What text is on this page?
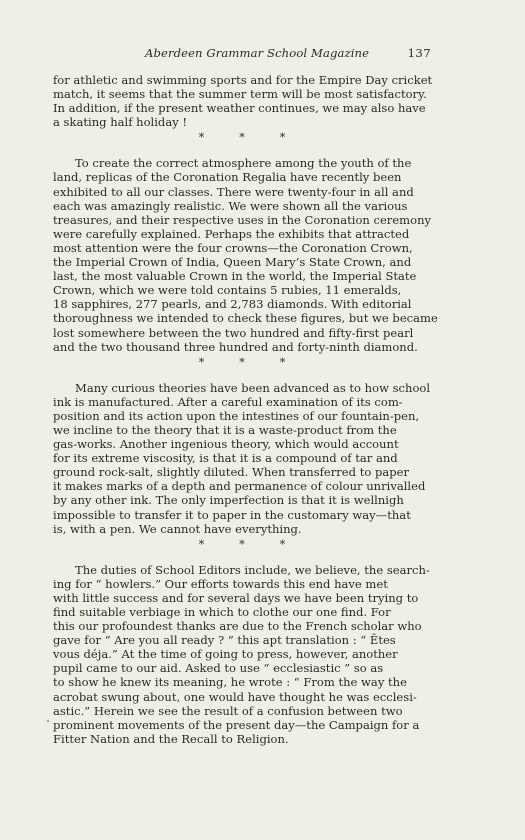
Aberdeen Grammar School Magazine	137

for athletic and swimming sports and for the Empire Day cricket
match, it seems that the summer term will be most satisfactory.
In addition, if the present weather continues, we may also have
a skating half holiday !

*          *          *

To create the correct atmosphere among the youth of the
land, replicas of the Coronation Regalia have recently been
exhibited to all our classes. There were twenty-four in all and
each was amazingly realistic. We were shown all the various
treasures, and their respective uses in the Coronation ceremony
were carefully explained. Perhaps the exhibits that attracted
most attention were the four crowns—the Coronation Crown,
the Imperial Crown of India, Queen Mary’s State Crown, and
last, the most valuable Crown in the world, the Imperial State
Crown, which we were told contains 5 rubies, 11 emeralds,
18 sapphires, 277 pearls, and 2,783 diamonds. With editorial
thoroughness we intended to check these figures, but we became
lost somewhere between the two hundred and fifty-first pearl
and the two thousand three hundred and forty-ninth diamond.

*          *          *

Many curious theories have been advanced as to how school
ink is manufactured. After a careful examination of its com-
position and its action upon the intestines of our fountain-pen,
we incline to the theory that it is a waste-product from the
gas-works. Another ingenious theory, which would account
for its extreme viscosity, is that it is a compound of tar and
ground rock-salt, slightly diluted. When transferred to paper
it makes marks of a depth and permanence of colour unrivalled
by any other ink. The only imperfection is that it is wellnigh
impossible to transfer it to paper in the customary way—that
is, with a pen. We cannot have everything.

*          *          *

The duties of School Editors include, we believe, the search-
ing for “ howlers.” Our efforts towards this end have met
with little success and for several days we have been trying to
find suitable verbiage in which to clothe our one find. For
this our profoundest thanks are due to the French scholar who
gave for “ Are you all ready ? ” this apt translation : “ Êtes
vous déja.” At the time of going to press, however, another
pupil came to our aid. Asked to use “ ecclesiastic ” so as
to show he knew its meaning, he wrote : “ From the way the
acrobat swung about, one would have thought he was ecclesi-
astic.” Herein we see the result of a confusion between two
prominent movements of the present day—the Campaign for a
Fitter Nation and the Recall to Religion.
